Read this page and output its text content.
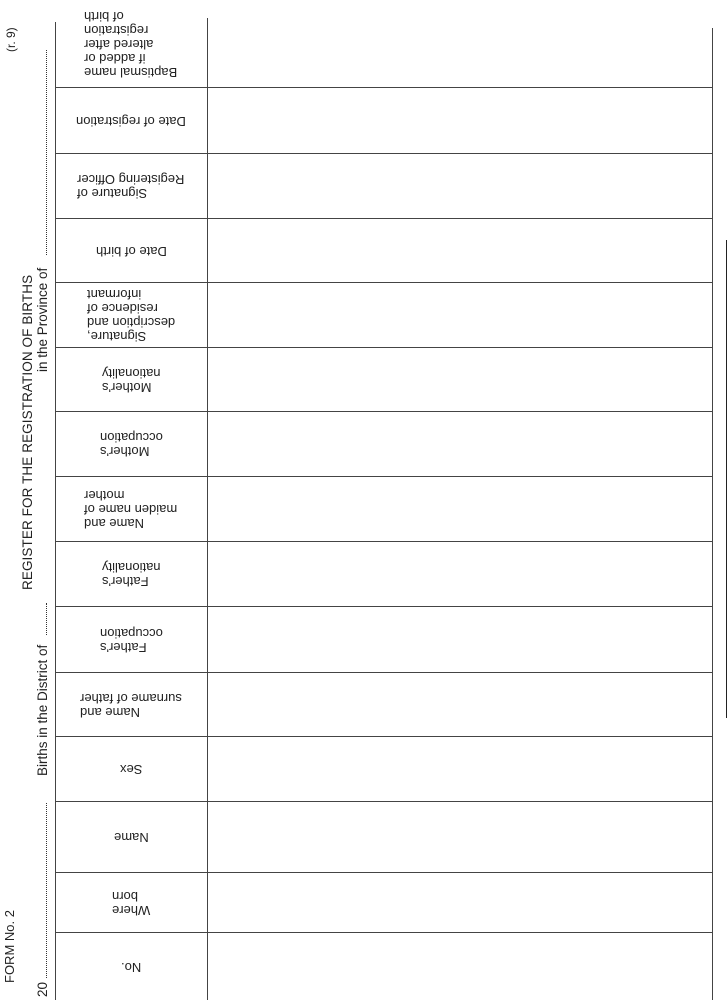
FORM No. 2
(r. 9)
REGISTER FOR THE REGISTRATION OF BIRTHS in the Province of
Births in the District of
20
Baptismal name
if added or
altered after
registration
of birth
Date of registration
Signature of
Registering Officer
Date of birth
Signature,
description and
residence of
informant
Mother's
nationality
Mother's
occupation
Name and
maiden name of
mother
Father's
nationality
Father's
occupation
Name and
surname of father
Sex
Name
Where
born
No.
